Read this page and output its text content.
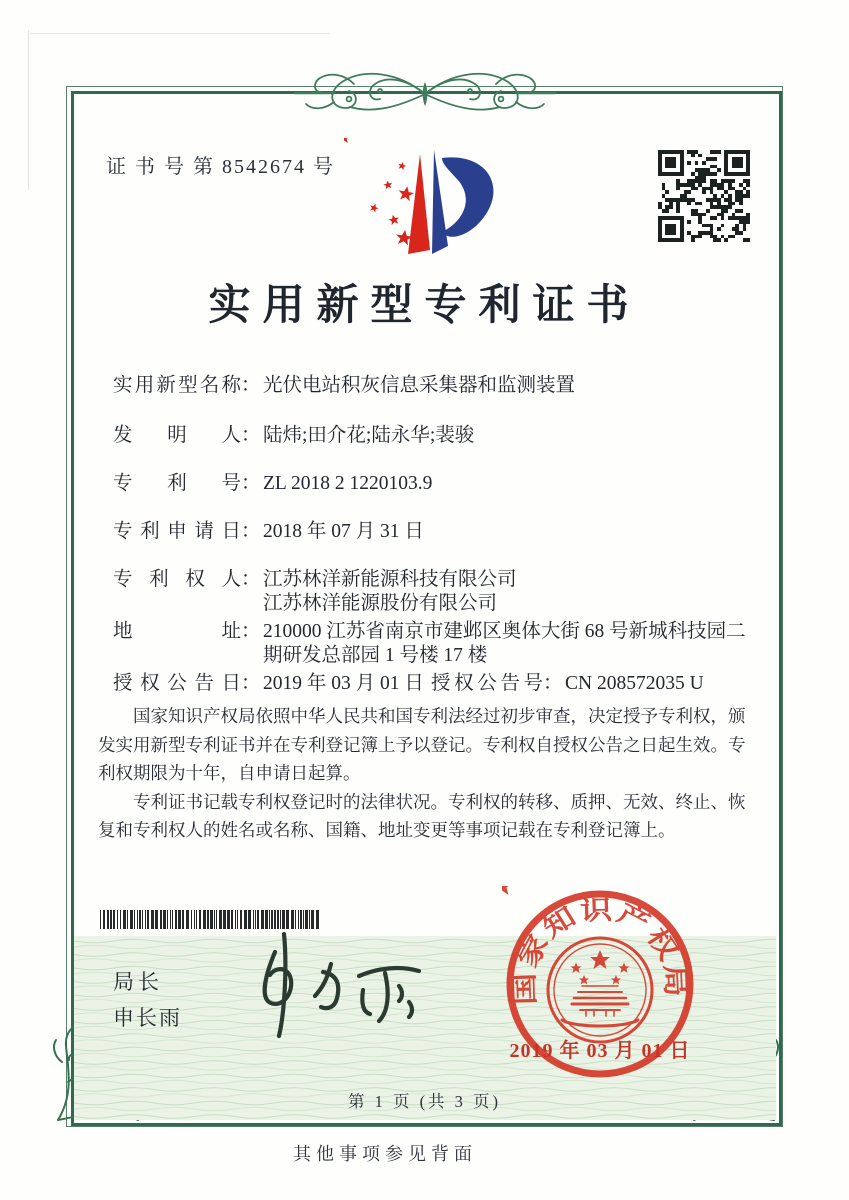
证 书 号 第 8542674 号
实用新型专利证书
实用新型名称 ： 光伏电站积灰信息采集器和监测装置
发明人 ： 陆炜;田介花;陆永华;裴骏
专利号 ： ZL 2018 2 1220103.9
专利申请日 ： 2018 年 07 月 31 日
专利权人 ： 江苏林洋新能源科技有限公司
江苏林洋能源股份有限公司
地址 ： 210000 江苏省南京市建邺区奥体大街 68 号新城科技园二
期研发总部园 1 号楼 17 楼
授权公告日 ： 2019 年 03 月 01 日 授权公告号 ： CN 208572035 U

国家知识产权局依照中华人民共和国专利法经过初步审查，决定授予专利权，颁发实用新型专利证书并在专利登记簿上予以登记。专利权自授权公告之日起生效。专利权期限为十年，自申请日起算。

专利证书记载专利权登记时的法律状况。专利权的转移、质押、无效、终止、恢复和专利权人的姓名或名称、国籍、地址变更等事项记载在专利登记簿上。

局长
申长雨
国家知识产权局
2019 年 03 月 01 日
第 1 页 (共 3 页)
其他事项参见背面
